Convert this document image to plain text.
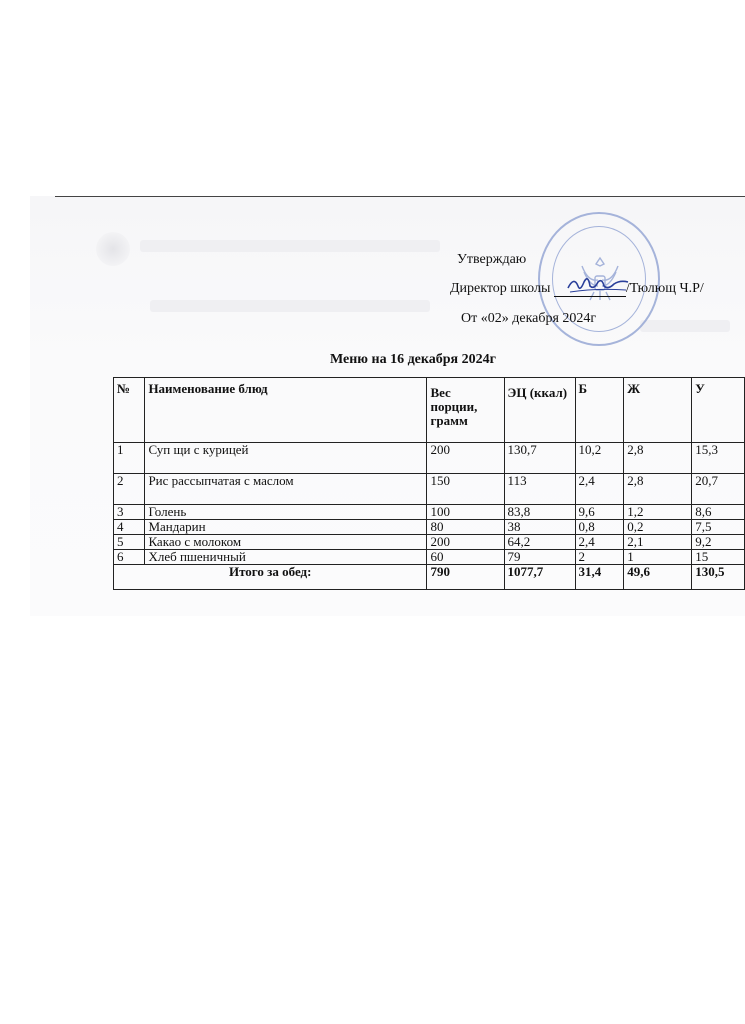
Утверждаю
Директор школы	/Тюлющ Ч.Р/
От «02» декабря 2024г
Меню на 16 декабря 2024г
№	Наименование блюд	Вес порции, грамм	ЭЦ (ккал)	Б	Ж	У
1	Суп щи с курицей	200	130,7	10,2	2,8	15,3
2	Рис рассыпчатая с маслом	150	113	2,4	2,8	20,7
3	Голень	100	83,8	9,6	1,2	8,6
4	Мандарин	80	38	0,8	0,2	7,5
5	Какао с молоком	200	64,2	2,4	2,1	9,2
6	Хлеб пшеничный	60	79	2	1	15
Итого за обед:		790	1077,7	31,4	49,6	130,5
